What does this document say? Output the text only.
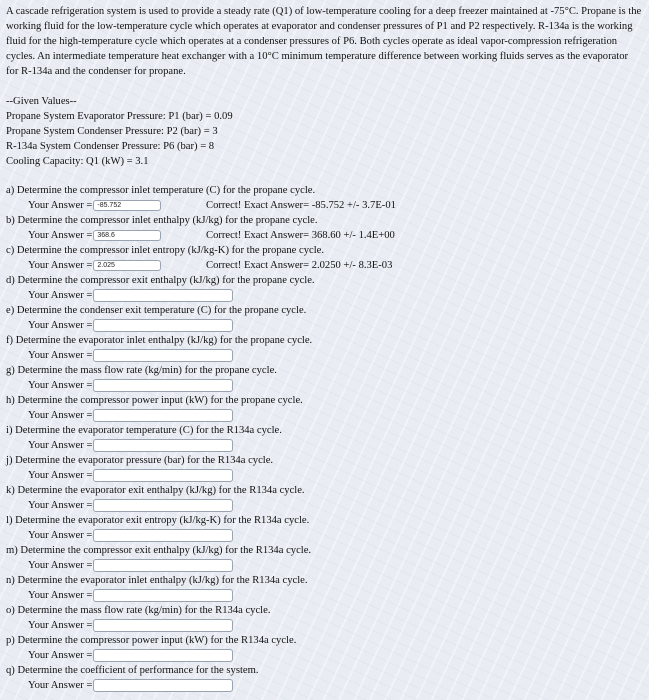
A cascade refrigeration system is used to provide a steady rate (Q1) of low-temperature cooling for a deep freezer maintained at -75°C. Propane is the working fluid for the low-temperature cycle which operates at evaporator and condenser pressures of P1 and P2 respectively. R-134a is the working fluid for the high-temperature cycle which operates at a condenser pressures of P6. Both cycles operate as ideal vapor-compression refrigeration cycles. An intermediate temperature heat exchanger with a 10°C minimum temperature difference between working fluids serves as the evaporator for R-134a and the condenser for propane.

--Given Values--
Propane System Evaporator Pressure: P1 (bar) = 0.09
Propane System Condenser Pressure: P2 (bar) = 3
R-134a System Condenser Pressure: P6 (bar) = 8
Cooling Capacity: Q1 (kW) = 3.1
a) Determine the compressor inlet temperature (C) for the propane cycle.
Your Answer = -85.752	Correct! Exact Answer= -85.752 +/- 3.7E-01
b) Determine the compressor inlet enthalpy (kJ/kg) for the propane cycle.
Your Answer = 368.6	Correct! Exact Answer= 368.60 +/- 1.4E+00
c) Determine the compressor inlet entropy (kJ/kg-K) for the propane cycle.
Your Answer = 2.025	Correct! Exact Answer= 2.0250 +/- 8.3E-03
d) Determine the compressor exit enthalpy (kJ/kg) for the propane cycle.
Your Answer =
e) Determine the condenser exit temperature (C) for the propane cycle.
Your Answer =
f) Determine the evaporator inlet enthalpy (kJ/kg) for the propane cycle.
Your Answer =
g) Determine the mass flow rate (kg/min) for the propane cycle.
Your Answer =
h) Determine the compressor power input (kW) for the propane cycle.
Your Answer =
i) Determine the evaporator temperature (C) for the R134a cycle.
Your Answer =
j) Determine the evaporator pressure (bar) for the R134a cycle.
Your Answer =
k) Determine the evaporator exit enthalpy (kJ/kg) for the R134a cycle.
Your Answer =
l) Determine the evaporator exit entropy (kJ/kg-K) for the R134a cycle.
Your Answer =
m) Determine the compressor exit enthalpy (kJ/kg) for the R134a cycle.
Your Answer =
n) Determine the evaporator inlet enthalpy (kJ/kg) for the R134a cycle.
Your Answer =
o) Determine the mass flow rate (kg/min) for the R134a cycle.
Your Answer =
p) Determine the compressor power input (kW) for the R134a cycle.
Your Answer =
q) Determine the coefficient of performance for the system.
Your Answer =
